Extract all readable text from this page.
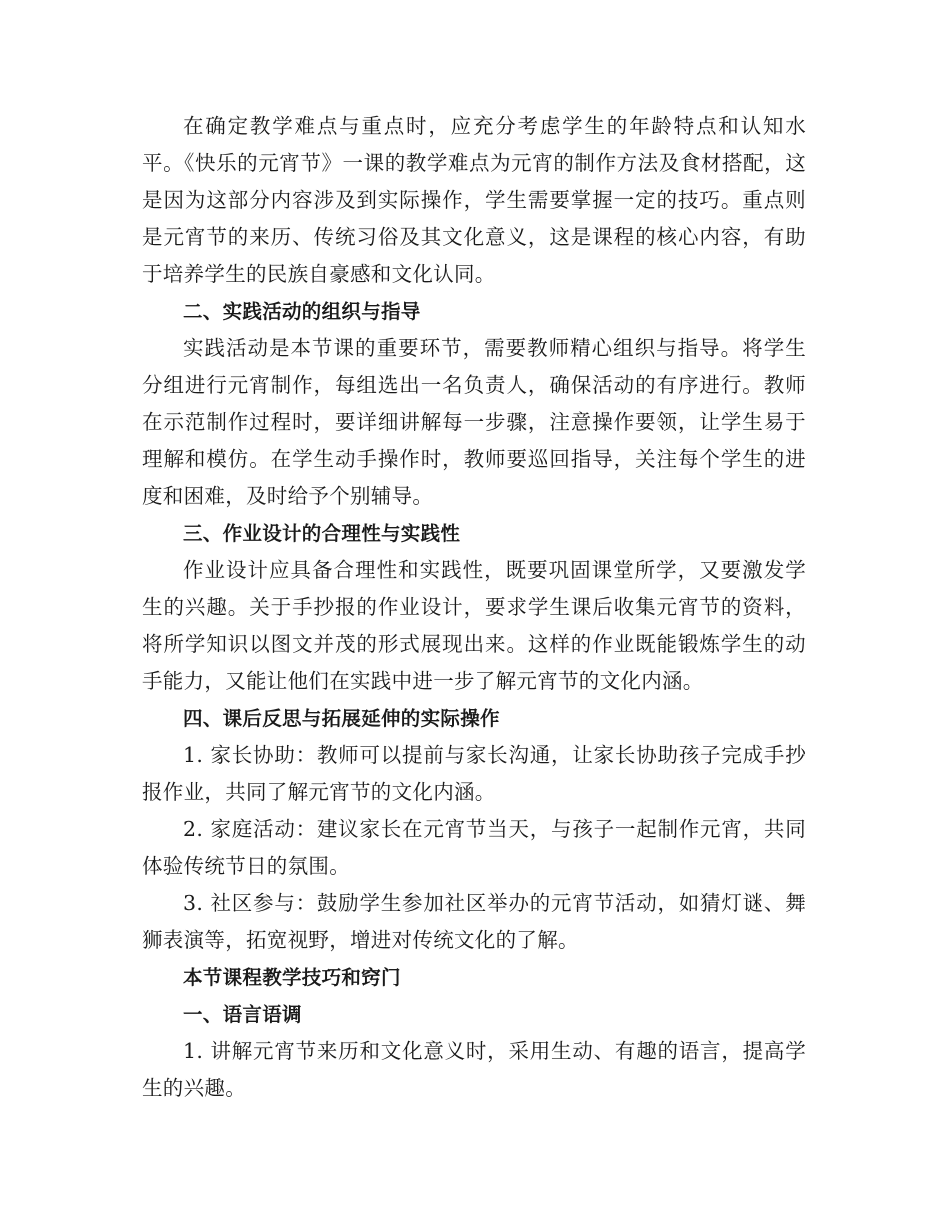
在确定教学难点与重点时，应充分考虑学生的年龄特点和认知水平。《快乐的元宵节》一课的教学难点为元宵的制作方法及食材搭配，这是因为这部分内容涉及到实际操作，学生需要掌握一定的技巧。重点则是元宵节的来历、传统习俗及其文化意义，这是课程的核心内容，有助于培养学生的民族自豪感和文化认同。

二、实践活动的组织与指导

实践活动是本节课的重要环节，需要教师精心组织与指导。将学生分组进行元宵制作，每组选出一名负责人，确保活动的有序进行。教师在示范制作过程时，要详细讲解每一步骤，注意操作要领，让学生易于理解和模仿。在学生动手操作时，教师要巡回指导，关注每个学生的进度和困难，及时给予个别辅导。

三、作业设计的合理性与实践性

作业设计应具备合理性和实践性，既要巩固课堂所学，又要激发学生的兴趣。关于手抄报的作业设计，要求学生课后收集元宵节的资料，将所学知识以图文并茂的形式展现出来。这样的作业既能锻炼学生的动手能力，又能让他们在实践中进一步了解元宵节的文化内涵。

四、课后反思与拓展延伸的实际操作

1. 家长协助：教师可以提前与家长沟通，让家长协助孩子完成手抄报作业，共同了解元宵节的文化内涵。

2. 家庭活动：建议家长在元宵节当天，与孩子一起制作元宵，共同体验传统节日的氛围。

3. 社区参与：鼓励学生参加社区举办的元宵节活动，如猜灯谜、舞狮表演等，拓宽视野，增进对传统文化的了解。

本节课程教学技巧和窍门

一、语言语调

1. 讲解元宵节来历和文化意义时，采用生动、有趣的语言，提高学生的兴趣。
